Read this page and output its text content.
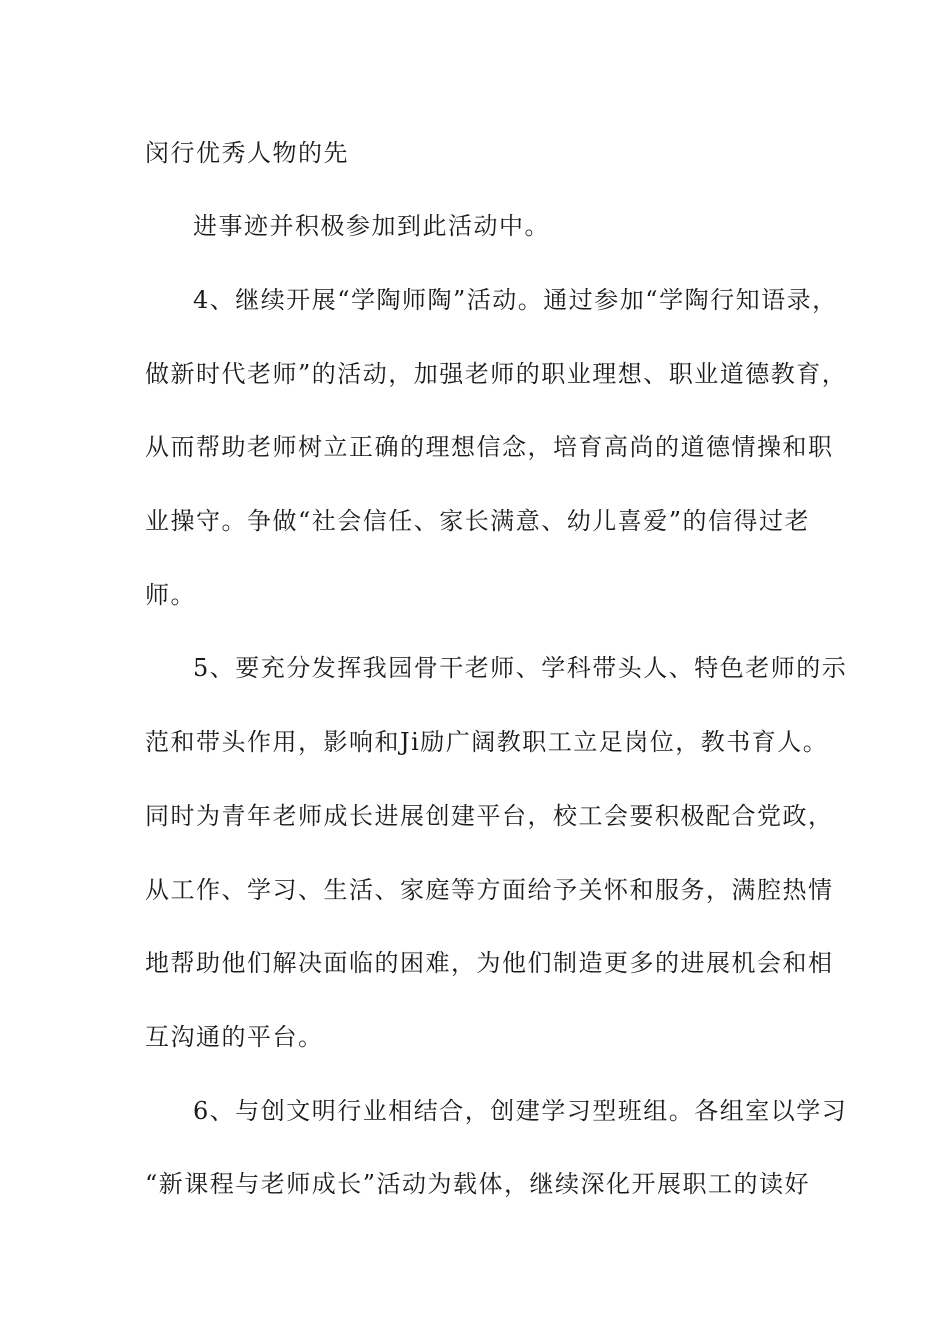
闵行优秀人物的先
进事迹并积极参加到此活动中。
4、继续开展“学陶师陶”活动。通过参加“学陶行知语录，
做新时代老师”的活动，加强老师的职业理想、职业道德教育，
从而帮助老师树立正确的理想信念，培育高尚的道德情操和职
业操守。争做“社会信任、家长满意、幼儿喜爱”的信得过老
师。
5、要充分发挥我园骨干老师、学科带头人、特色老师的示
范和带头作用，影响和Ji励广阔教职工立足岗位，教书育人。
同时为青年老师成长进展创建平台，校工会要积极配合党政，
从工作、学习、生活、家庭等方面给予关怀和服务，满腔热情
地帮助他们解决面临的困难，为他们制造更多的进展机会和相
互沟通的平台。
6、与创文明行业相结合，创建学习型班组。各组室以学习
“新课程与老师成长”活动为载体，继续深化开展职工的读好
